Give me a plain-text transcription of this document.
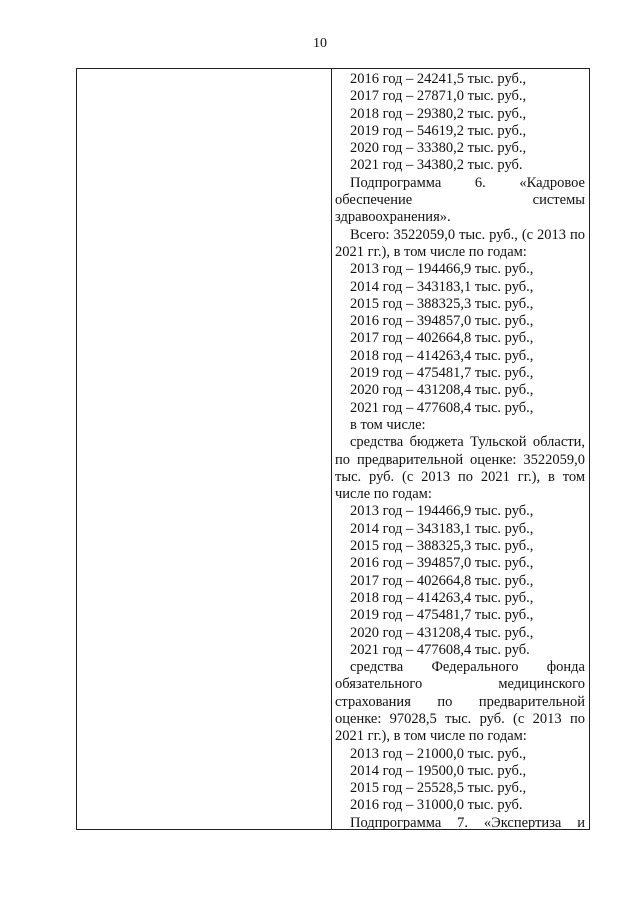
10
2016 год – 24241,5 тыс. руб.,
2017 год – 27871,0 тыс. руб.,
2018 год – 29380,2 тыс. руб.,
2019 год – 54619,2 тыс. руб.,
2020 год – 33380,2 тыс. руб.,
2021 год – 34380,2 тыс. руб.
Подпрограмма 6. «Кадровое
обеспечение системы
здравоохранения».
Всего: 3522059,0 тыс. руб., (с 2013 по
2021 гг.), в том числе по годам:
2013 год – 194466,9 тыс. руб.,
2014 год – 343183,1 тыс. руб.,
2015 год – 388325,3 тыс. руб.,
2016 год – 394857,0 тыс. руб.,
2017 год – 402664,8 тыс. руб.,
2018 год – 414263,4 тыс. руб.,
2019 год – 475481,7 тыс. руб.,
2020 год – 431208,4 тыс. руб.,
2021 год – 477608,4 тыс. руб.,
в том числе:
средства бюджета Тульской области,
по предварительной оценке: 3522059,0
тыс. руб. (с 2013 по 2021 гг.), в том
числе по годам:
2013 год – 194466,9 тыс. руб.,
2014 год – 343183,1 тыс. руб.,
2015 год – 388325,3 тыс. руб.,
2016 год – 394857,0 тыс. руб.,
2017 год – 402664,8 тыс. руб.,
2018 год – 414263,4 тыс. руб.,
2019 год – 475481,7 тыс. руб.,
2020 год – 431208,4 тыс. руб.,
2021 год – 477608,4 тыс. руб.
средства Федерального фонда
обязательного медицинского
страхования по предварительной
оценке: 97028,5 тыс. руб. (с 2013 по
2021 гг.), в том числе по годам:
2013 год – 21000,0 тыс. руб.,
2014 год – 19500,0 тыс. руб.,
2015 год – 25528,5 тыс. руб.,
2016 год – 31000,0 тыс. руб.
Подпрограмма 7. «Экспертиза и
